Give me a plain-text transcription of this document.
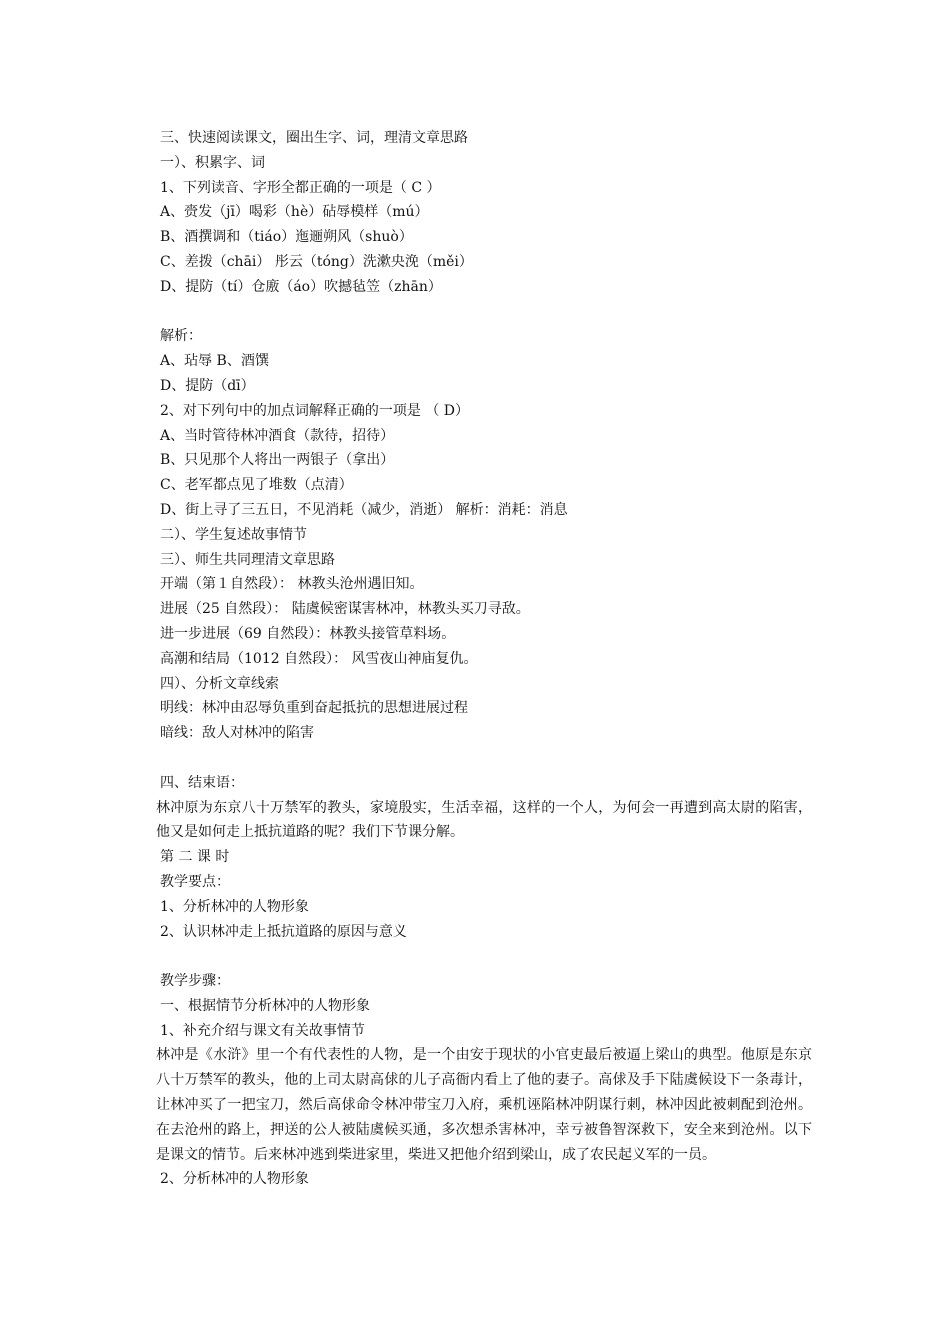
三、快速阅读课文，圈出生字、词，理清文章思路
一）、积累字、词
1、下列读音、字形全都正确的一项是（ C ）
A、赍发（jī）喝彩（hè）砧辱模样（mú）
B、酒撰调和（tiáo）迤逦朔风（shuò）
C、差拨（chāi） 彤云（tóng）洗漱央浼（měi）
D、提防（tí）仓廒（áo）吹撼毡笠（zhān）
解析：
A、玷辱 B、酒馔
D、提防（dī）
2、对下列句中的加点词解释正确的一项是 （ D）
A、当时管待林冲酒食（款待，招待）
B、只见那个人将出一两银子（拿出）
C、老军都点见了堆数（点清）
D、街上寻了三五日，不见消耗（减少，消逝） 解析：消耗：消息
二）、学生复述故事情节
三）、师生共同理清文章思路
开端（第１自然段）： 林教头沧州遇旧知。
进展（25 自然段）： 陆虞候密谋害林冲，林教头买刀寻敌。
进一步进展（69 自然段）：林教头接管草料场。
高潮和结局（1012 自然段）： 风雪夜山神庙复仇。
四）、分析文章线索
明线：林冲由忍辱负重到奋起抵抗的思想进展过程
暗线：敌人对林冲的陷害
四、结束语：
林冲原为东京八十万禁军的教头，家境殷实，生活幸福，这样的一个人，为何会一再遭到高太尉的陷害，他又是如何走上抵抗道路的呢？我们下节课分解。
第 二 课 时
教学要点：
1、分析林冲的人物形象
2、认识林冲走上抵抗道路的原因与意义
教学步骤：
一、根据情节分析林冲的人物形象
1、补充介绍与课文有关故事情节
林冲是《水浒》里一个有代表性的人物，是一个由安于现状的小官吏最后被逼上梁山的典型。他原是东京八十万禁军的教头，他的上司太尉高俅的儿子高衙内看上了他的妻子。高俅及手下陆虞候设下一条毒计，让林冲买了一把宝刀，然后高俅命令林冲带宝刀入府，乘机诬陷林冲阴谋行刺，林冲因此被刺配到沧州。在去沧州的路上，押送的公人被陆虞候买通，多次想杀害林冲，幸亏被鲁智深救下，安全来到沧州。以下是课文的情节。后来林冲逃到柴进家里，柴进又把他介绍到梁山，成了农民起义军的一员。
2、分析林冲的人物形象
